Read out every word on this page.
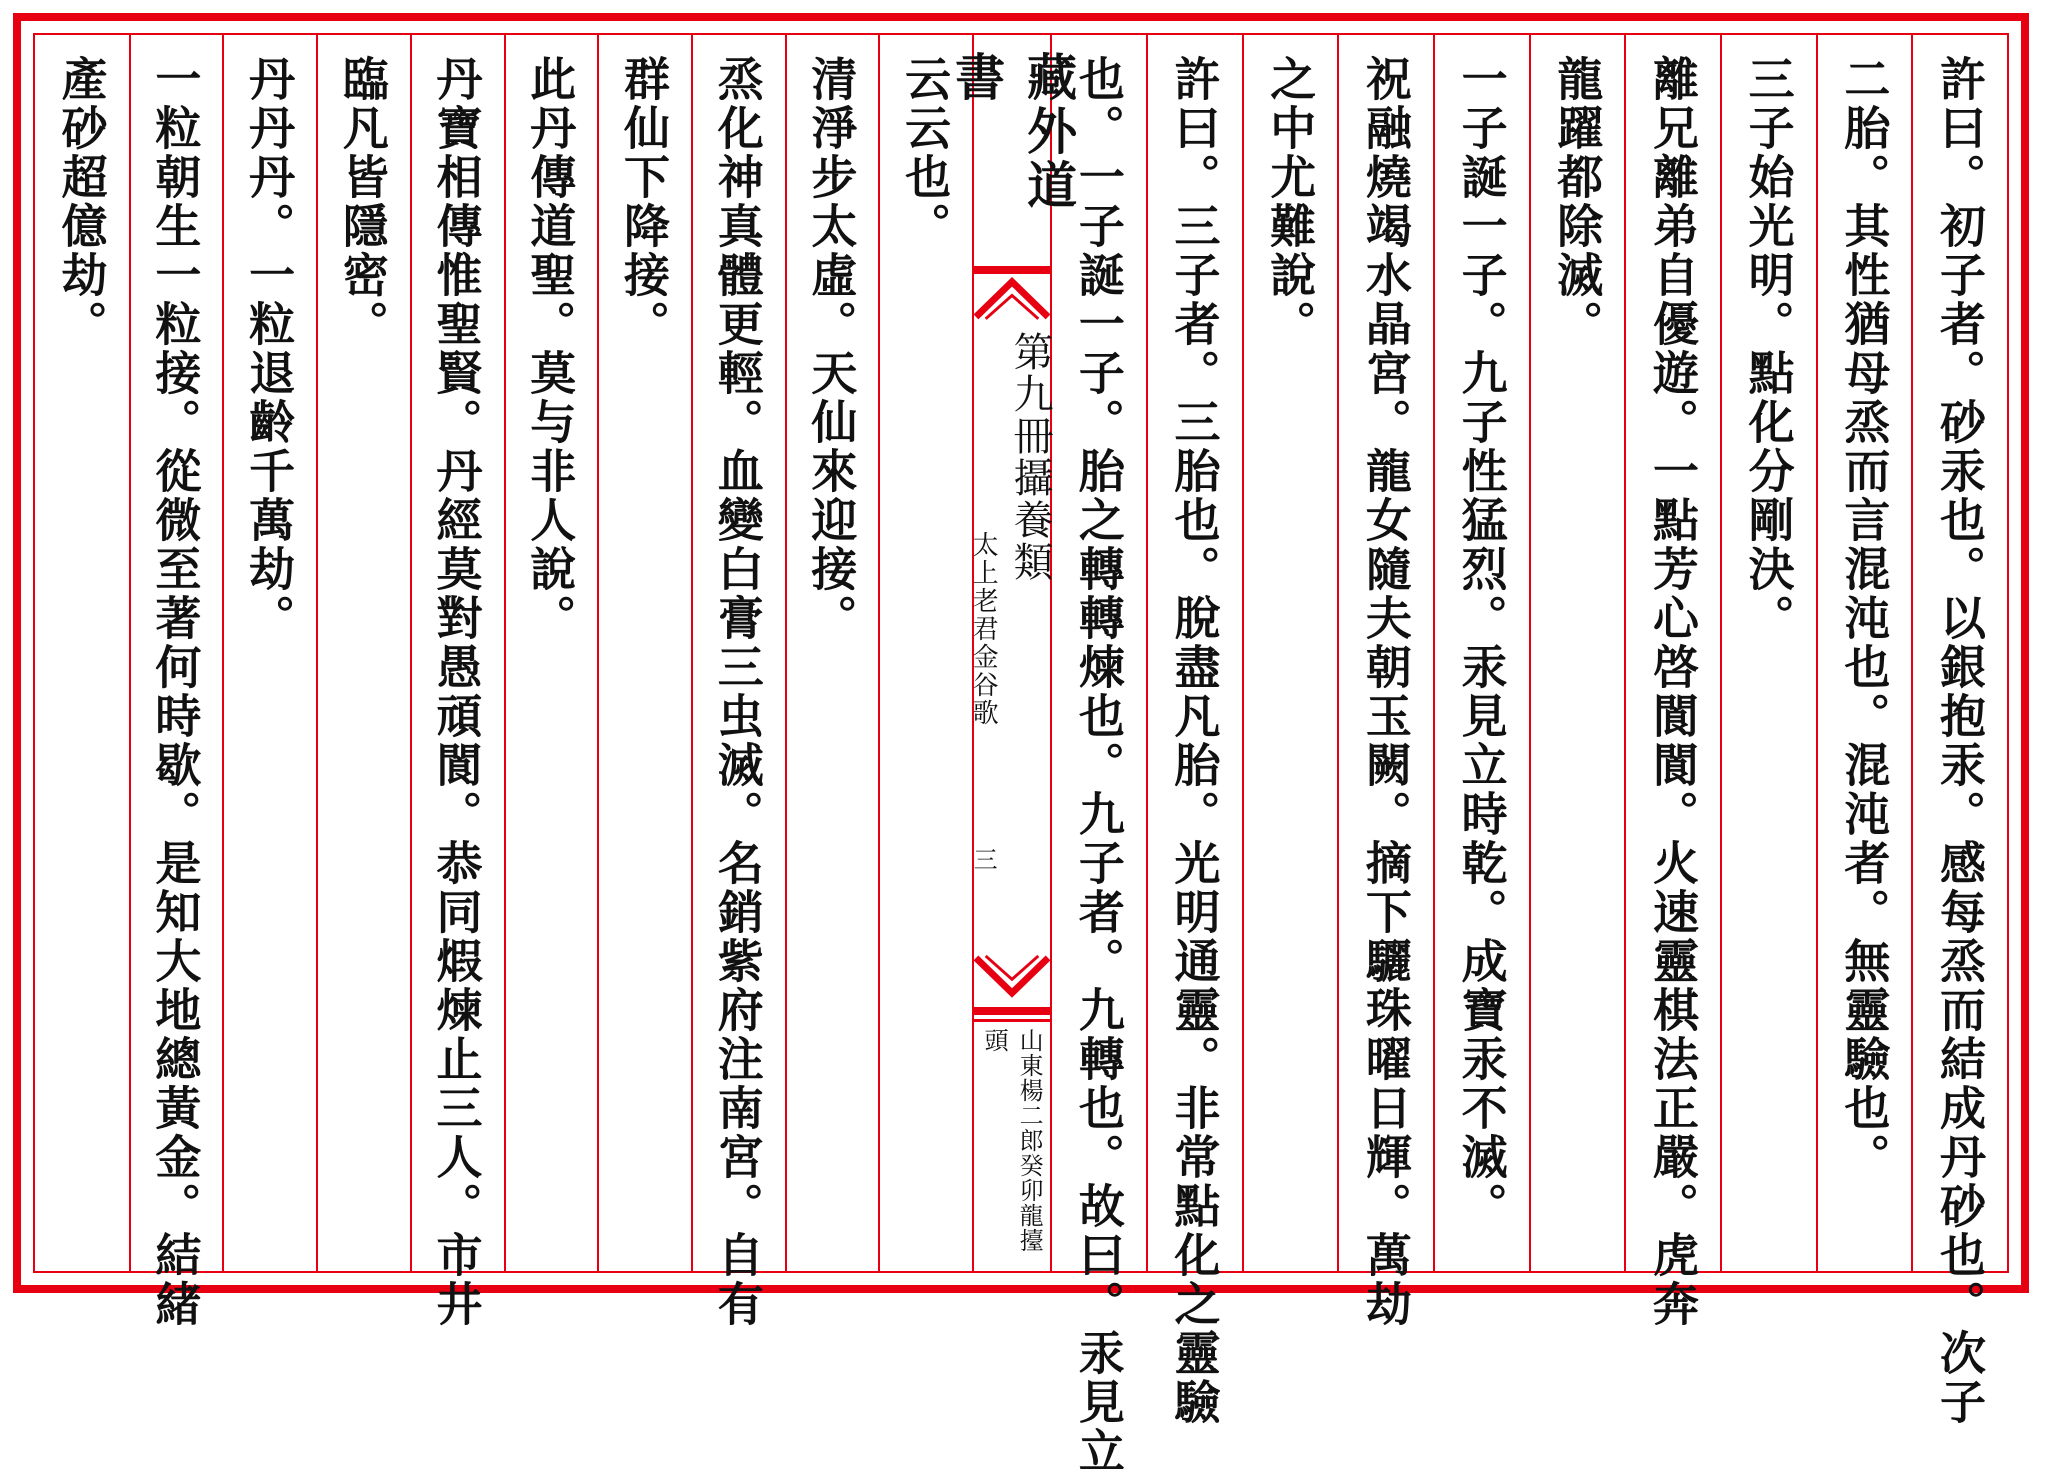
許曰。初子者。砂汞也。以銀抱汞。感每烝而結成丹砂也。次子
二胎。其性猶母烝而言混沌也。混沌者。無靈驗也。
三子始光明。點化分剛決。
離兄離弟自優遊。一點芳心啓閬閬。火速靈棋法正嚴。虎奔
龍躍都除滅。
一子誕一子。九子性猛烈。汞見立時乾。成寶汞不滅。
祝融燒竭水晶宮。龍女隨夫朝玉闕。摘下驪珠曜日輝。萬劫
之中尤難說。
許曰。三子者。三胎也。脫盡凡胎。光明通靈。非常點化之靈驗
也。一子誕一子。胎之轉轉煉也。九子者。九轉也。故曰。汞見立
藏外道書
第九冊攝養類
太上老君金谷歌
三
山東楊二郎癸卯龍擡頭
云云也。
清淨步太虛。天仙來迎接。
烝化神真體更輕。血變白膏三虫滅。名銷紫府注南宮。自有
群仙下降接。
此丹傳道聖。莫与非人說。
丹寶相傳惟聖賢。丹經莫對愚頑閬。恭同煆煉止三人。市井
臨凡皆隱密。
丹丹丹。一粒退齡千萬劫。
一粒朝生一粒接。從微至著何時歇。是知大地總黃金。結緒
產砂超億劫。
